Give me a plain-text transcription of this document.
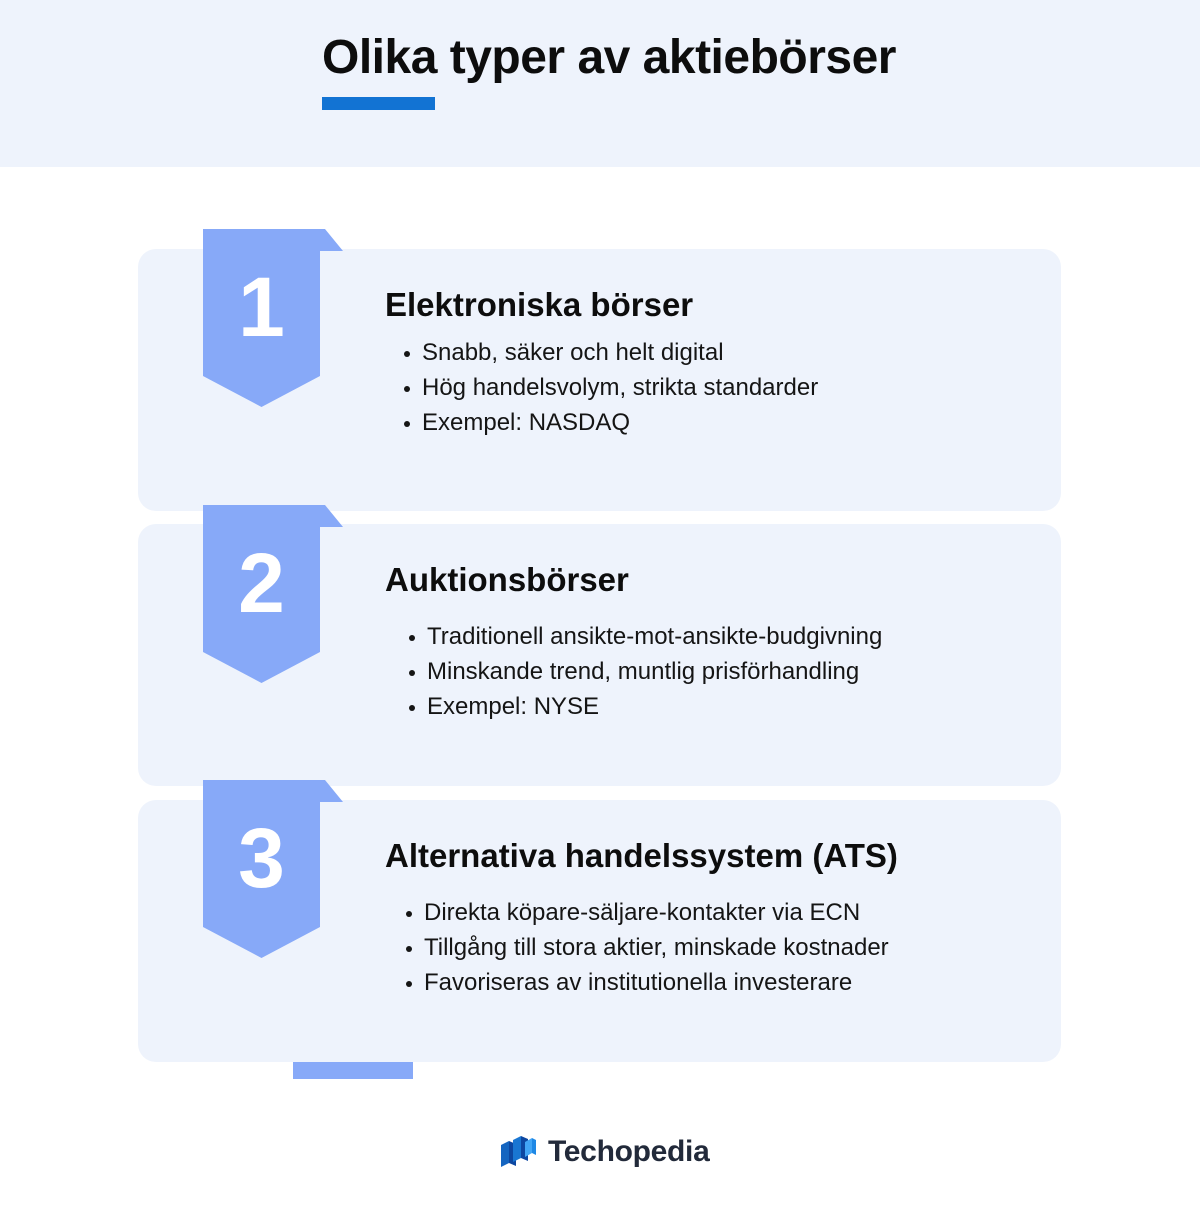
Olika typer av aktiebörser
1	Elektroniska börser
Snabb, säker och helt digital
Hög handelsvolym, strikta standarder
Exempel: NASDAQ
2	Auktionsbörser
Traditionell ansikte-mot-ansikte-budgivning
Minskande trend, muntlig prisförhandling
Exempel: NYSE
3	Alternativa handelssystem (ATS)
Direkta köpare-säljare-kontakter via ECN
Tillgång till stora aktier, minskade kostnader
Favoriseras av institutionella investerare
Techopedia
